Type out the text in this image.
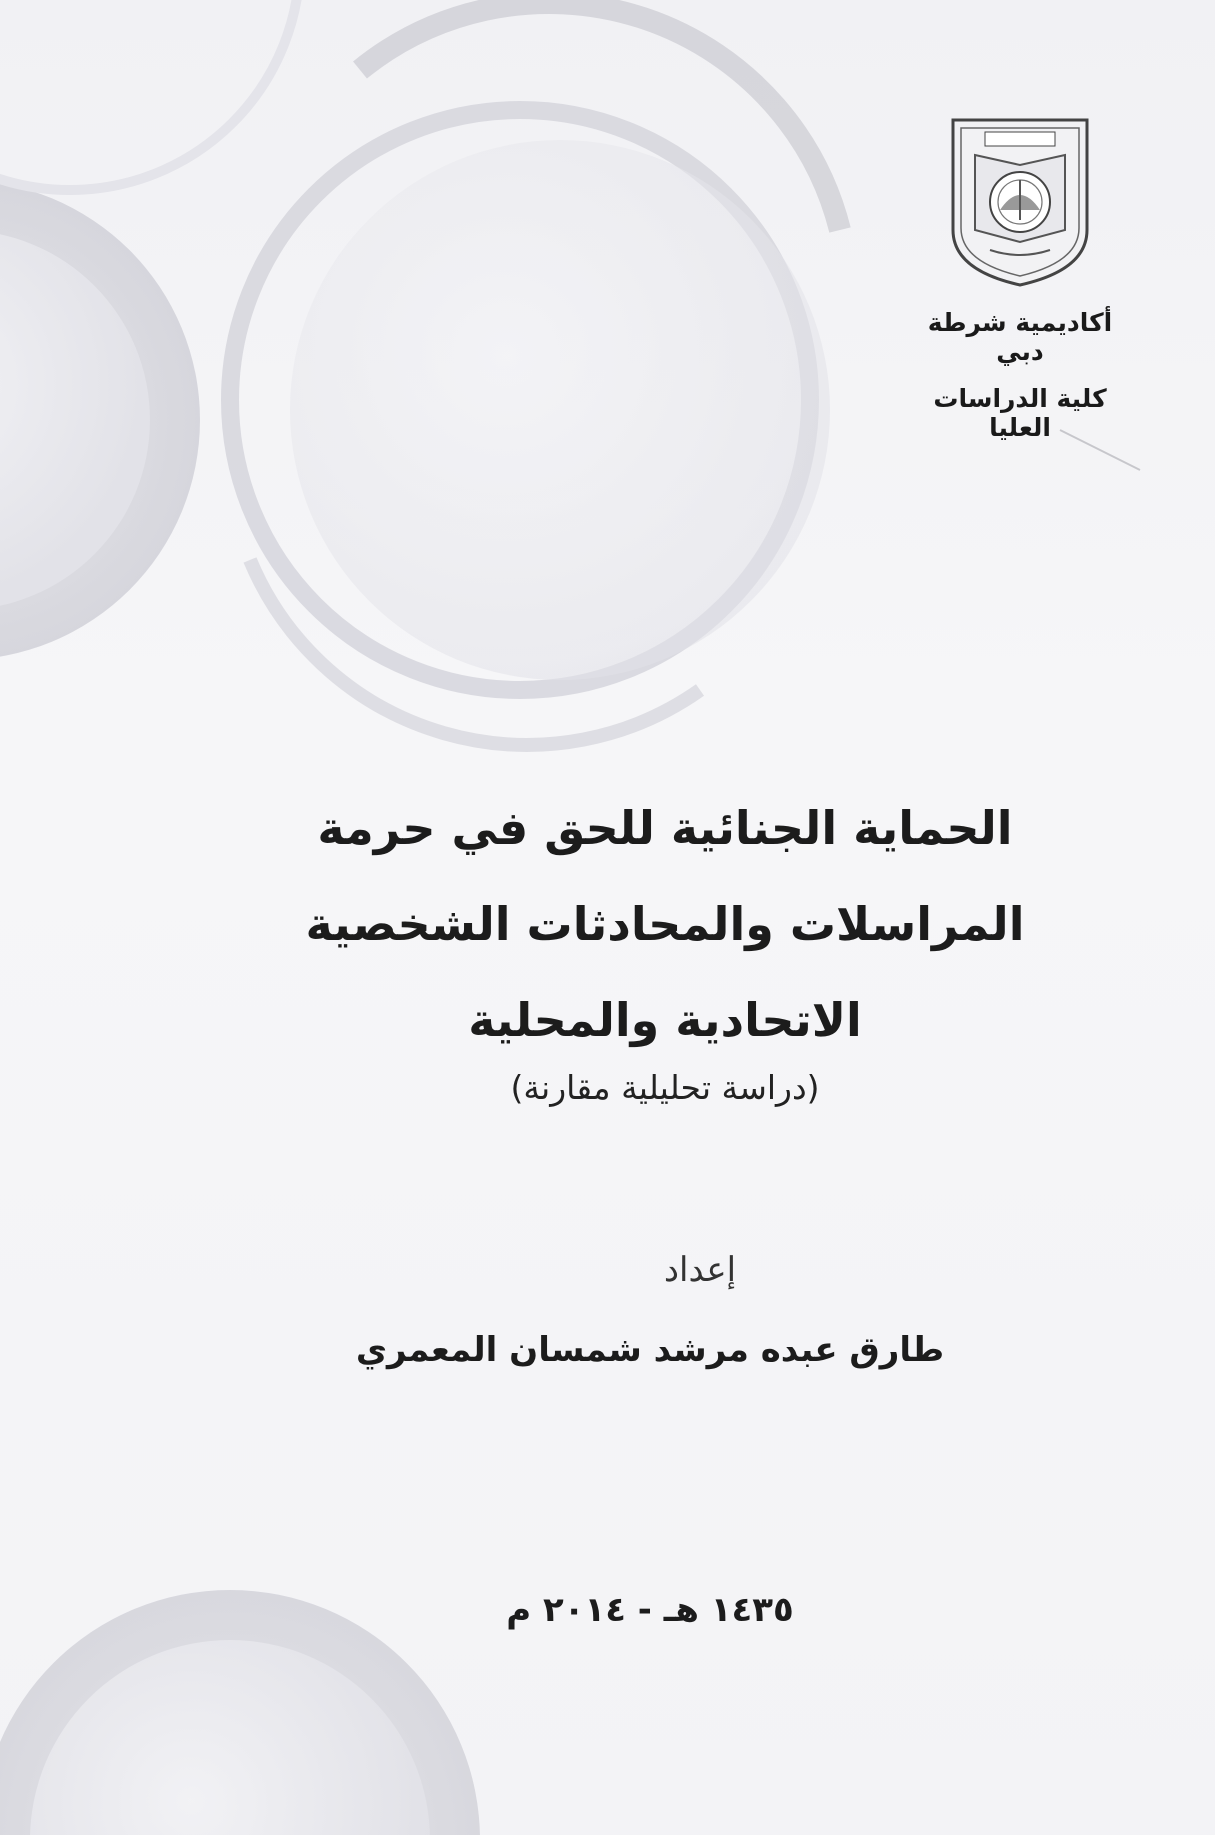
أكاديمية شرطة دبي
كلية الدراسات العليا
الحماية الجنائية للحق في حرمة
المراسلات والمحادثات الشخصية
الاتحادية والمحلية
(دراسة تحليلية مقارنة)
إعداد
طارق عبده مرشد شمسان المعمري
١٤٣٥ هـ - ٢٠١٤ م
